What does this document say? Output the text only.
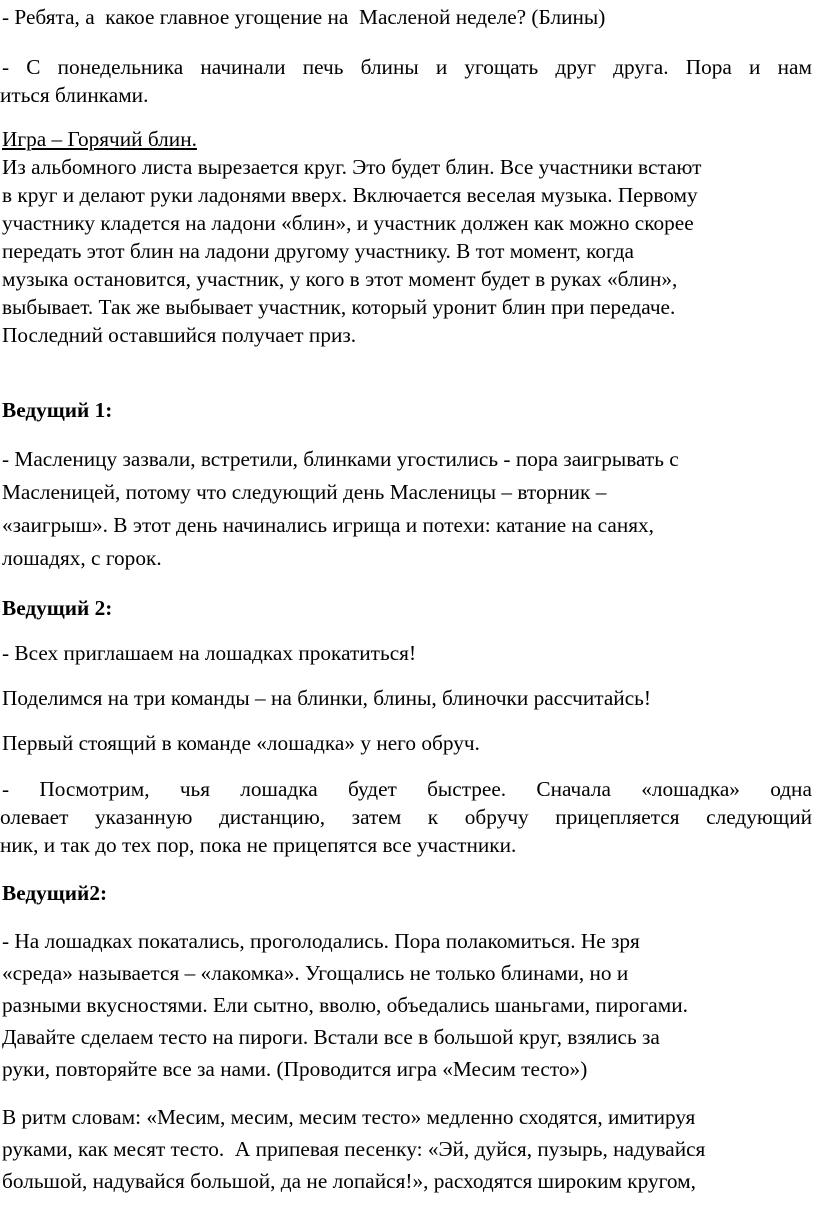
- Ребята, а  какое главное угощение на  Масленой неделе? (Блины)
- С понедельника начинали печь блины и угощать друг друга. Пора и нам
иться блинками.
Игра – Горячий блин.
Из альбомного листа вырезается круг. Это будет блин. Все участники встают
в круг и делают руки ладонями вверх. Включается веселая музыка. Первому
участнику кладется на ладони «блин», и участник должен как можно скорее
передать этот блин на ладони другому участнику. В тот момент, когда
музыка остановится, участник, у кого в этот момент будет в руках «блин»,
выбывает. Так же выбывает участник, который уронит блин при передаче.
Последний оставшийся получает приз.
Ведущий 1:
- Масленицу зазвали, встретили, блинками угостились - пора заигрывать с
Масленицей, потому что следующий день Масленицы – вторник –
«заигрыш». В этот день начинались игрища и потехи: катание на санях,
лошадях, с горок.
Ведущий 2:
- Всех приглашаем на лошадках прокатиться!
Поделимся на три команды – на блинки, блины, блиночки рассчитайсь!
Первый стоящий в команде «лошадка» у него обруч.
- Посмотрим, чья лошадка будет быстрее. Сначала «лошадка» одна
олевает указанную дистанцию, затем к обручу прицепляется следующий
ник, и так до тех пор, пока не прицепятся все участники.
Ведущий2:
- На лошадках покатались, проголодались. Пора полакомиться. Не зря
«среда» называется – «лакомка». Угощались не только блинами, но и
разными вкусностями. Ели сытно, вволю, объедались шаньгами, пирогами.
Давайте сделаем тесто на пироги. Встали все в большой круг, взялись за
руки, повторяйте все за нами. (Проводится игра «Месим тесто»)
В ритм словам: «Месим, месим, месим тесто» медленно сходятся, имитируя
руками, как месят тесто.  А припевая песенку: «Эй, дуйся, пузырь, надувайся
большой, надувайся большой, да не лопайся!», расходятся широким кругом,
